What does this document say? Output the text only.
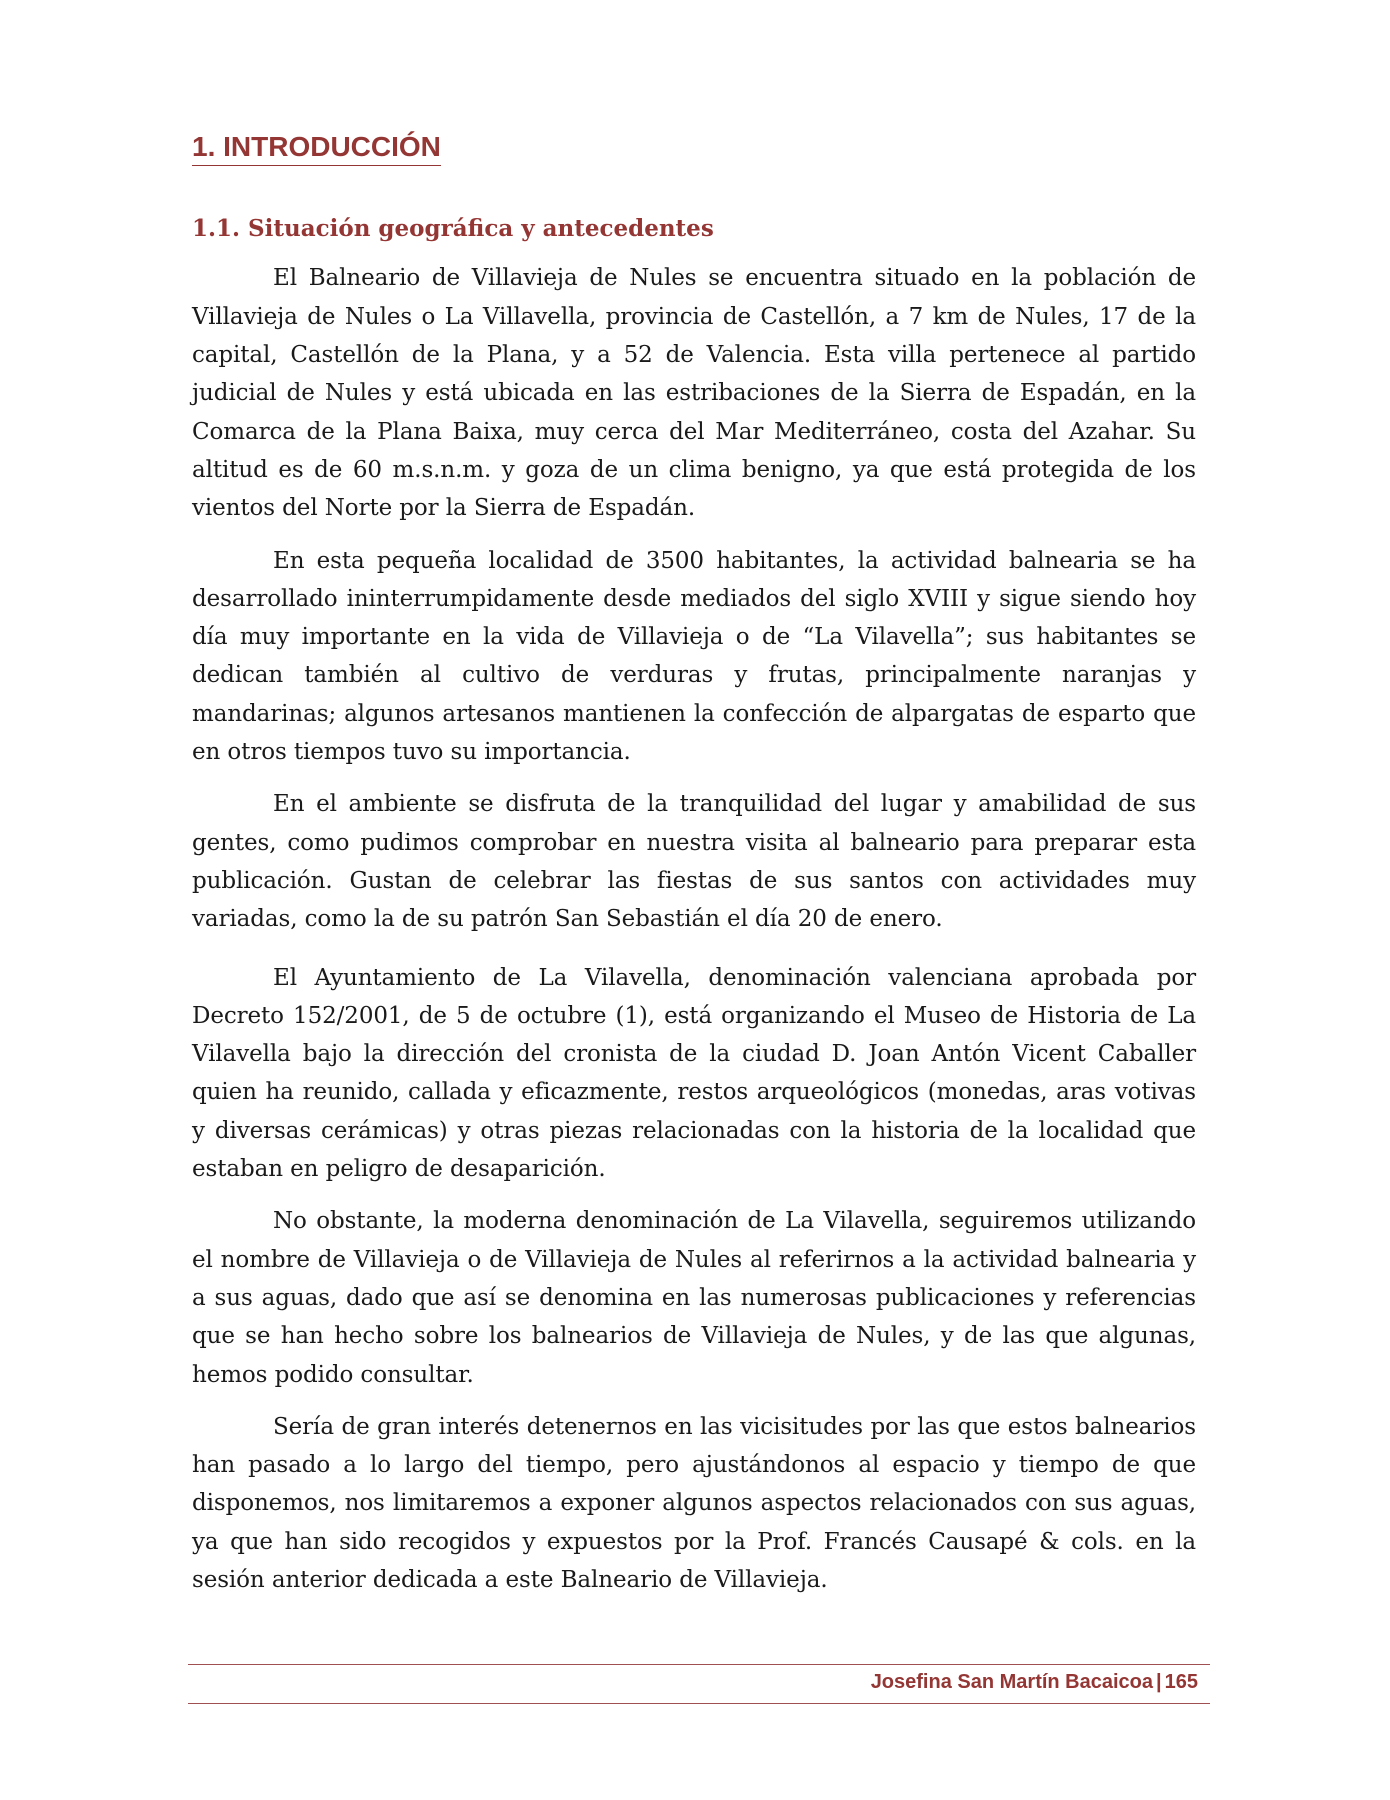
1. INTRODUCCIÓN
1.1. Situación geográfica y antecedentes

El Balneario de Villavieja de Nules se encuentra situado en la población de Villavieja de Nules o La Villavella, provincia de Castellón, a 7 km de Nules, 17 de la capital, Castellón de la Plana, y a 52 de Valencia. Esta villa pertenece al partido judicial de Nules y está ubicada en las estribaciones de la Sierra de Espadán, en la Comarca de la Plana Baixa, muy cerca del Mar Mediterráneo, costa del Azahar. Su altitud es de 60 m.s.n.m. y goza de un clima benigno, ya que está protegida de los vientos del Norte por la Sierra de Espadán.

En esta pequeña localidad de 3500 habitantes, la actividad balnearia se ha desarrollado ininterrumpidamente desde mediados del siglo XVIII y sigue siendo hoy día muy importante en la vida de Villavieja o de “La Vilavella”; sus habitantes se dedican también al cultivo de verduras y frutas, principalmente naranjas y mandarinas; algunos artesanos mantienen la confección de alpargatas de esparto que en otros tiempos tuvo su importancia.

En el ambiente se disfruta de la tranquilidad del lugar y amabilidad de sus gentes, como pudimos comprobar en nuestra visita al balneario para preparar esta publicación. Gustan de celebrar las fiestas de sus santos con actividades muy variadas, como la de su patrón San Sebastián el día 20 de enero.

El Ayuntamiento de La Vilavella, denominación valenciana aprobada por Decreto 152/2001, de 5 de octubre (1), está organizando el Museo de Historia de La Vilavella bajo la dirección del cronista de la ciudad D. Joan Antón Vicent Caballer quien ha reunido, callada y eficazmente, restos arqueológicos (monedas, aras votivas y diversas cerámicas) y otras piezas relacionadas con la historia de la localidad que estaban en peligro de desaparición.

No obstante, la moderna denominación de La Vilavella, seguiremos utilizando el nombre de Villavieja o de Villavieja de Nules al referirnos a la actividad balnearia y a sus aguas, dado que así se denomina en las numerosas publicaciones y referencias que se han hecho sobre los balnearios de Villavieja de Nules, y de las que algunas, hemos podido consultar.

Sería de gran interés detenernos en las vicisitudes por las que estos balnearios han pasado a lo largo del tiempo, pero ajustándonos al espacio y tiempo de que disponemos, nos limitaremos a exponer algunos aspectos relacionados con sus aguas, ya que han sido recogidos y expuestos por la Prof. Francés Causapé & cols. en la sesión anterior dedicada a este Balneario de Villavieja.

Josefina San Martín Bacaicoa | 165
